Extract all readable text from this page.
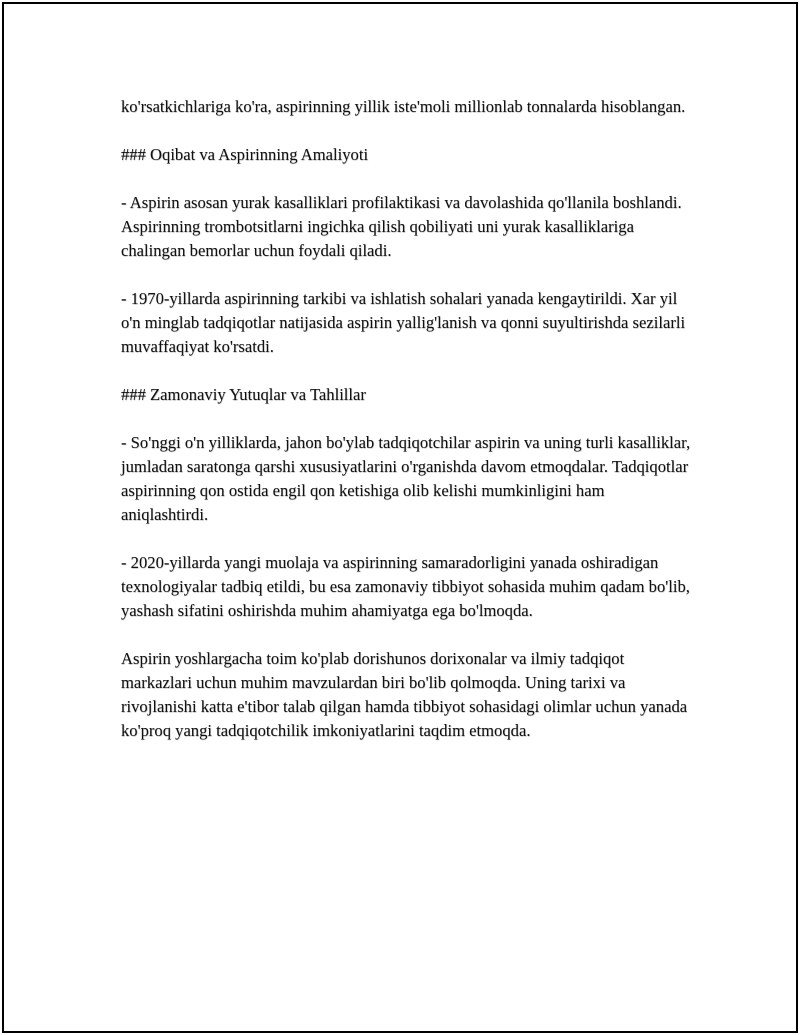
ko'rsatkichlariga ko'ra, aspirinning yillik iste'moli millionlab tonnalarda hisoblangan.

### Oqibat va Aspirinning Amaliyoti

- Aspirin asosan yurak kasalliklari profilaktikasi va davolashida qo'llanila boshlandi. Aspirinning trombotsitlarni ingichka qilish qobiliyati uni yurak kasalliklariga chalingan bemorlar uchun foydali qiladi.

- 1970-yillarda aspirinning tarkibi va ishlatish sohalari yanada kengaytirildi. Xar yil o'n minglab tadqiqotlar natijasida aspirin yallig'lanish va qonni suyultirishda sezilarli muvaffaqiyat ko'rsatdi.

### Zamonaviy Yutuqlar va Tahlillar

- So'nggi o'n yilliklarda, jahon bo'ylab tadqiqotchilar aspirin va uning turli kasalliklar, jumladan saratonga qarshi xususiyatlarini o'rganishda davom etmoqdalar. Tadqiqotlar aspirinning qon ostida engil qon ketishiga olib kelishi mumkinligini ham aniqlashtirdi.

- 2020-yillarda yangi muolaja va aspirinning samaradorligini yanada oshiradigan texnologiyalar tadbiq etildi, bu esa zamonaviy tibbiyot sohasida muhim qadam bo'lib, yashash sifatini oshirishda muhim ahamiyatga ega bo'lmoqda.

Aspirin yoshlargacha toim ko'plab dorishunos dorixonalar va ilmiy tadqiqot markazlari uchun muhim mavzulardan biri bo'lib qolmoqda. Uning tarixi va rivojlanishi katta e'tibor talab qilgan hamda tibbiyot sohasidagi olimlar uchun yanada ko'proq yangi tadqiqotchilik imkoniyatlarini taqdim etmoqda.
